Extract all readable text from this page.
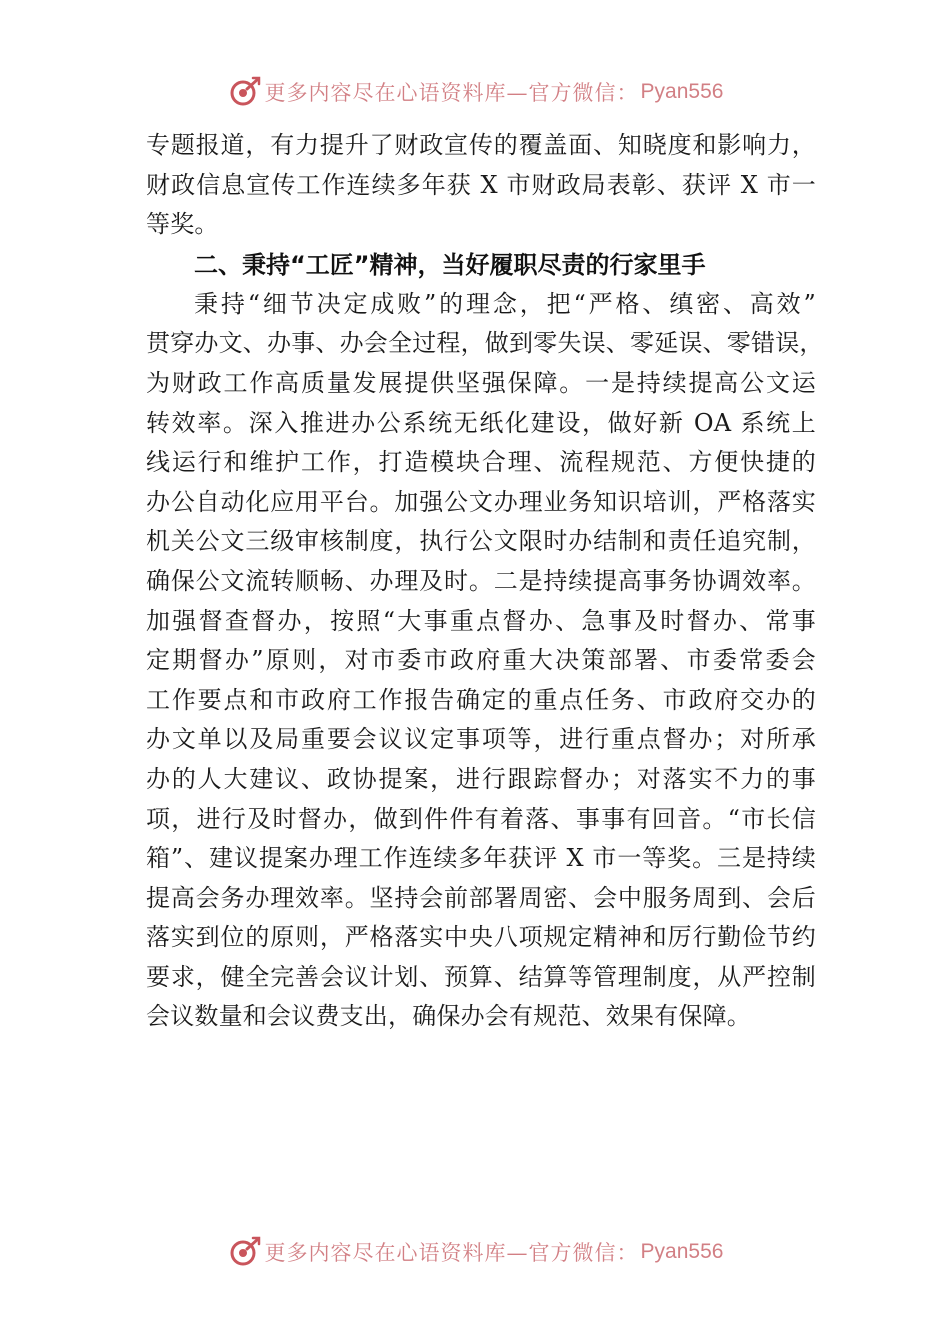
更多内容尽在心语资料库—官方微信： Pyan556
专题报道，有力提升了财政宣传的覆盖面、知晓度和影响力，
财政信息宣传工作连续多年获 X 市财政局表彰、获评 X 市一
等奖。
二、秉持“工匠”精神，当好履职尽责的行家里手
秉持“细节决定成败”的理念，把“严格、缜密、高效”
贯穿办文、办事、办会全过程，做到零失误、零延误、零错误，
为财政工作高质量发展提供坚强保障。一是持续提高公文运
转效率。深入推进办公系统无纸化建设，做好新 OA 系统上
线运行和维护工作，打造模块合理、流程规范、方便快捷的
办公自动化应用平台。加强公文办理业务知识培训，严格落实
机关公文三级审核制度，执行公文限时办结制和责任追究制，
确保公文流转顺畅、办理及时。二是持续提高事务协调效率。
加强督查督办，按照“大事重点督办、急事及时督办、常事
定期督办”原则，对市委市政府重大决策部署、市委常委会
工作要点和市政府工作报告确定的重点任务、市政府交办的
办文单以及局重要会议议定事项等，进行重点督办；对所承
办的人大建议、政协提案，进行跟踪督办；对落实不力的事
项，进行及时督办，做到件件有着落、事事有回音。“市长信
箱”、建议提案办理工作连续多年获评 X 市一等奖。三是持续
提高会务办理效率。坚持会前部署周密、会中服务周到、会后
落实到位的原则，严格落实中央八项规定精神和厉行勤俭节约
要求，健全完善会议计划、预算、结算等管理制度，从严控制
会议数量和会议费支出，确保办会有规范、效果有保障。
更多内容尽在心语资料库—官方微信： Pyan556
